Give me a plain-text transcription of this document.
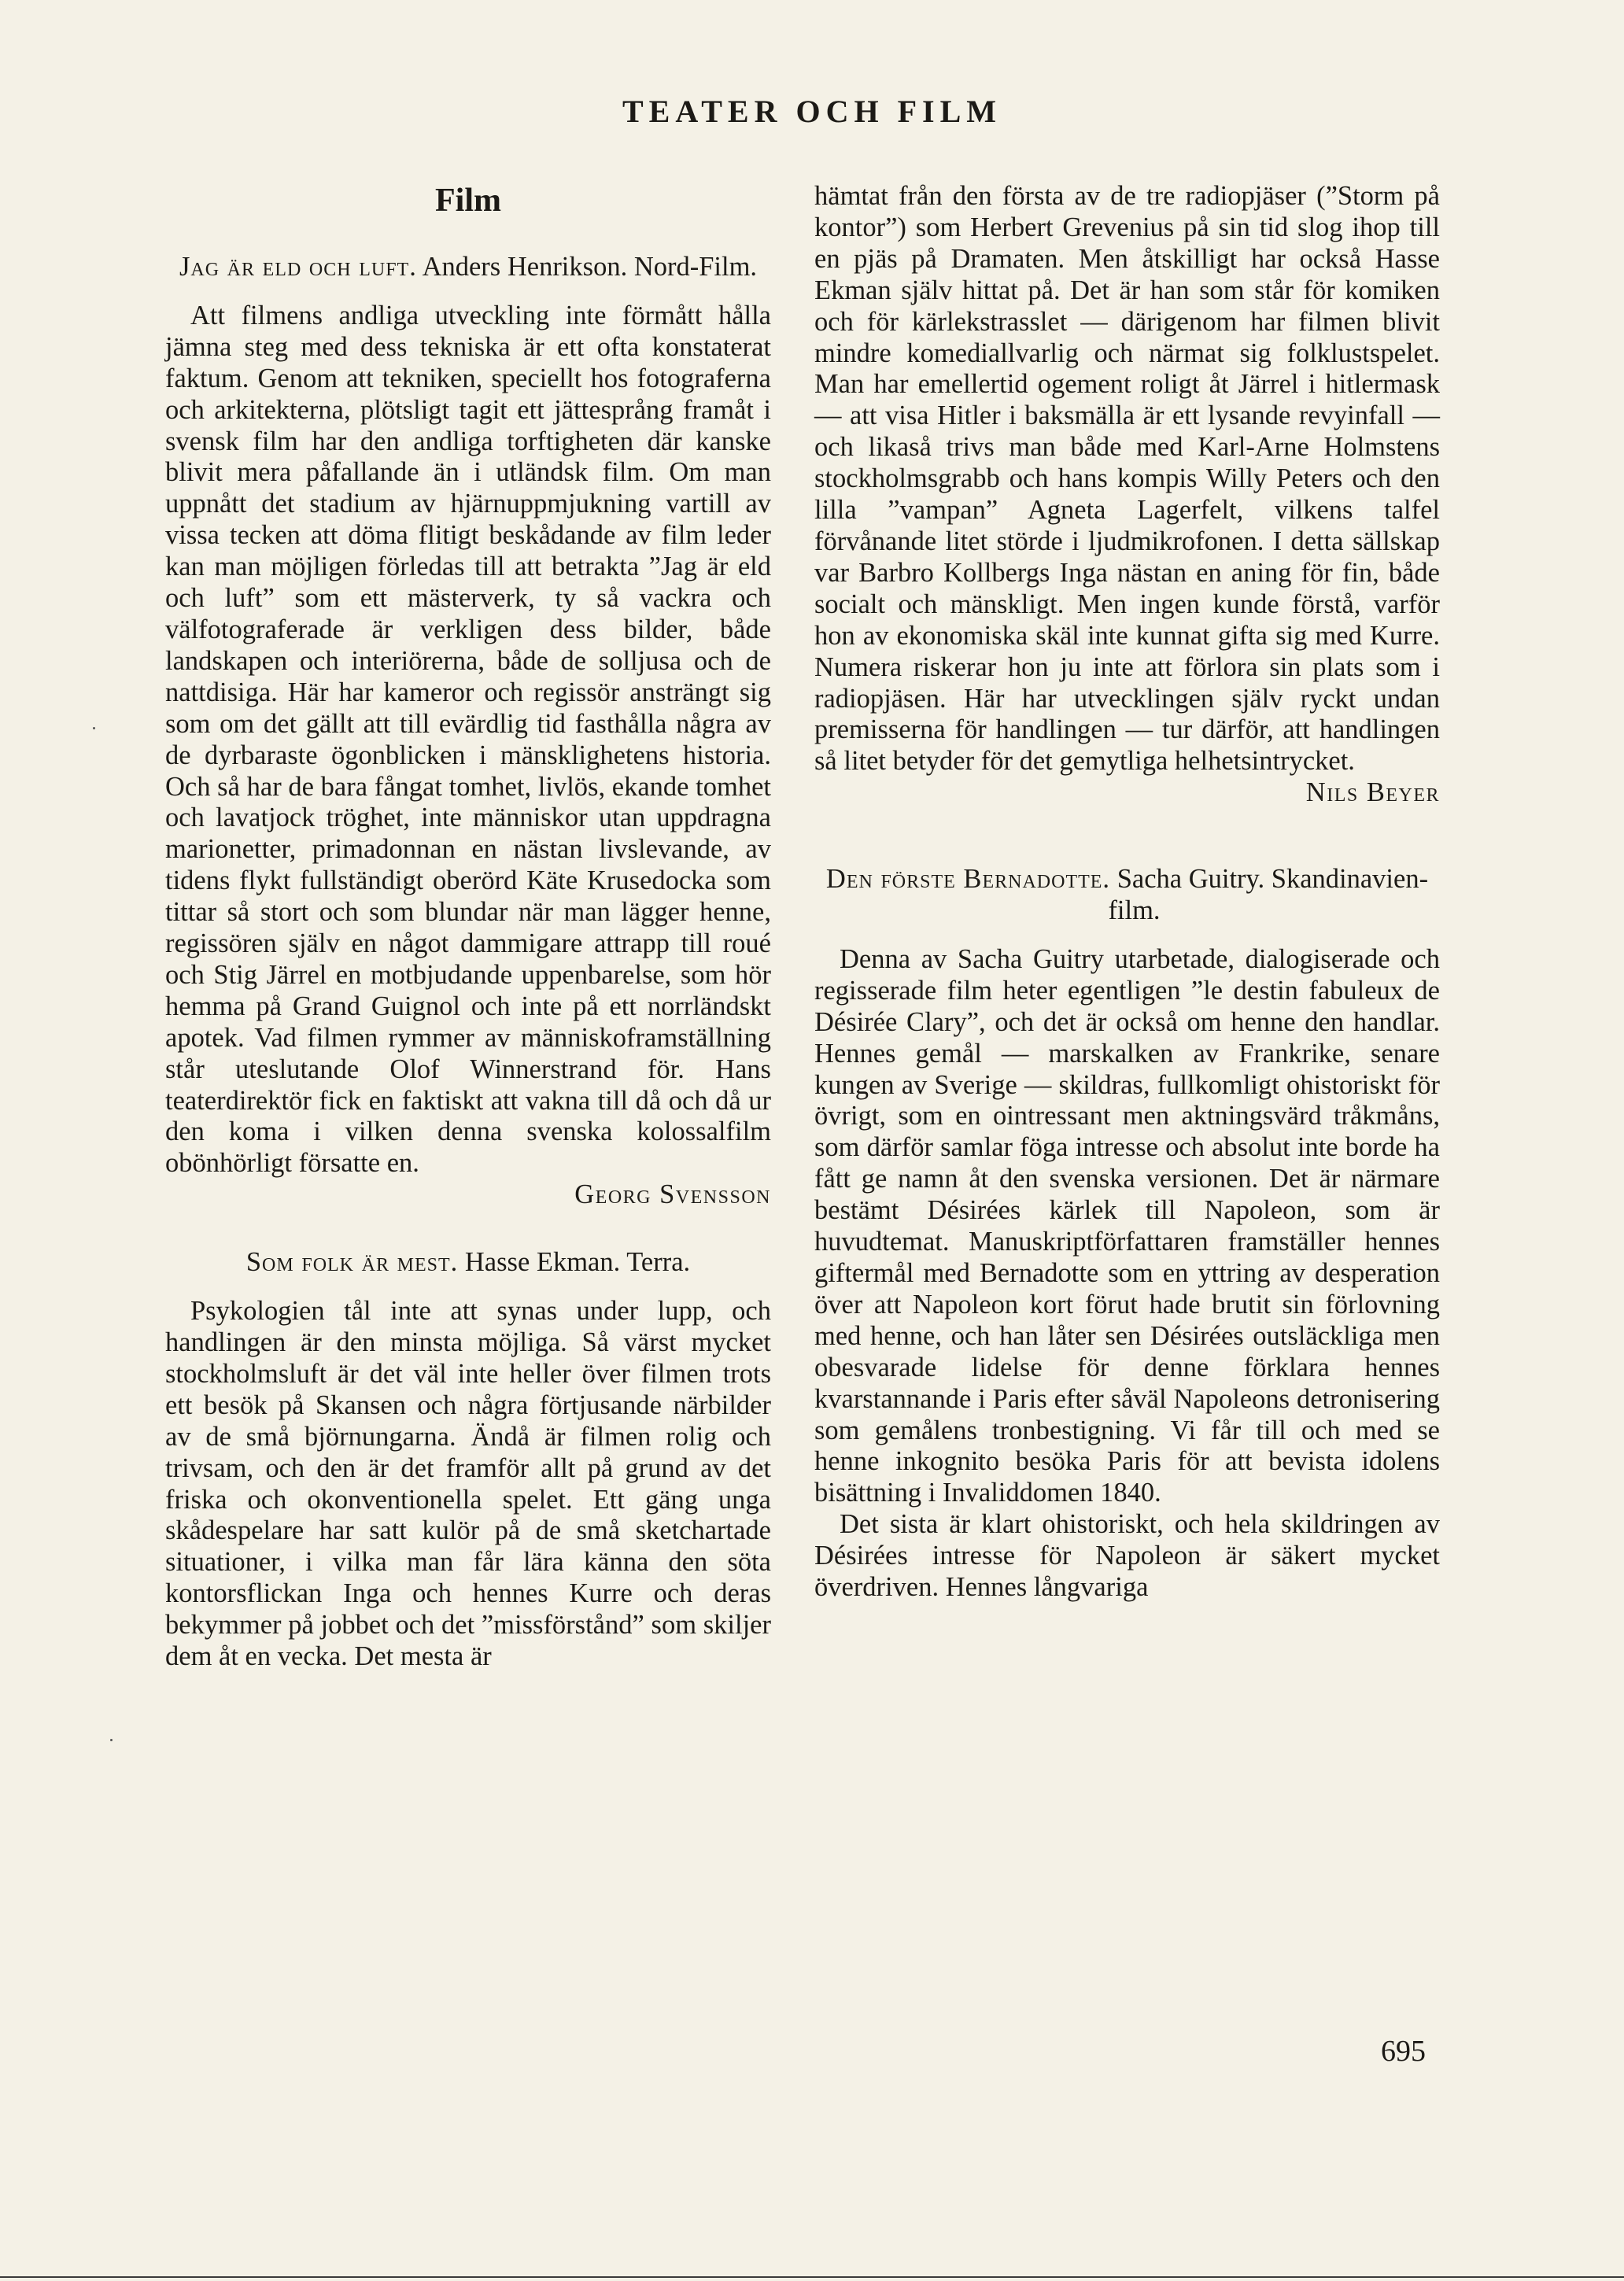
TEATER OCH FILM
Film

Jag är eld och luft. Anders Henrikson. Nord-Film.

Att filmens andliga utveckling inte förmått hålla jämna steg med dess tekniska är ett ofta konstaterat faktum. Genom att tekniken, speciellt hos fotograferna och arkitekterna, plötsligt tagit ett jättesprång framåt i svensk film har den andliga torftigheten där kanske blivit mera påfallande än i utländsk film. Om man uppnått det stadium av hjärnuppmjukning vartill av vissa tecken att döma flitigt beskådande av film leder kan man möjligen förledas till att betrakta ”Jag är eld och luft” som ett mästerverk, ty så vackra och välfotograferade är verkligen dess bilder, både landskapen och interiörerna, både de solljusa och de nattdisiga. Här har kameror och regissör ansträngt sig som om det gällt att till evärdlig tid fasthålla några av de dyrbaraste ögonblicken i mänsklighetens historia. Och så har de bara fångat tomhet, livlös, ekande tomhet och lavatjock tröghet, inte människor utan uppdragna marionetter, primadonnan en nästan livslevande, av tidens flykt fullständigt oberörd Käte Krusedocka som tittar så stort och som blundar när man lägger henne, regissören själv en något dammigare attrapp till roué och Stig Järrel en motbjudande uppenbarelse, som hör hemma på Grand Guignol och inte på ett norrländskt apotek. Vad filmen rymmer av människoframställning står uteslutande Olof Winnerstrand för. Hans teaterdirektör fick en faktiskt att vakna till då och då ur den koma i vilken denna svenska kolossalfilm obönhörligt försatte en.

Georg Svensson

Som folk är mest. Hasse Ekman. Terra.

Psykologien tål inte att synas under lupp, och handlingen är den minsta möjliga. Så värst mycket stockholmsluft är det väl inte heller över filmen trots ett besök på Skansen och några förtjusande närbilder av de små björnungarna. Ändå är filmen rolig och trivsam, och den är det framför allt på grund av det friska och okonventionella spelet. Ett gäng unga skådespelare har satt kulör på de små sketchartade situationer, i vilka man får lära känna den söta kontorsflickan Inga och hennes Kurre och deras bekymmer på jobbet och det ”missförstånd” som skiljer dem åt en vecka. Det mesta är

hämtat från den första av de tre radiopjäser (”Storm på kontor”) som Herbert Grevenius på sin tid slog ihop till en pjäs på Dramaten. Men åtskilligt har också Hasse Ekman själv hittat på. Det är han som står för komiken och för kärlekstrasslet — därigenom har filmen blivit mindre komediallvarlig och närmat sig folklustspelet. Man har emellertid ogement roligt åt Järrel i hitlermask — att visa Hitler i baksmälla är ett lysande revyinfall — och likaså trivs man både med Karl-Arne Holmstens stockholmsgrabb och hans kompis Willy Peters och den lilla ”vampan” Agneta Lagerfelt, vilkens talfel förvånande litet störde i ljudmikrofonen. I detta sällskap var Barbro Kollbergs Inga nästan en aning för fin, både socialt och mänskligt. Men ingen kunde förstå, varför hon av ekonomiska skäl inte kunnat gifta sig med Kurre. Numera riskerar hon ju inte att förlora sin plats som i radiopjäsen. Här har utvecklingen själv ryckt undan premisserna för handlingen — tur därför, att handlingen så litet betyder för det gemytliga helhetsintrycket.

Nils Beyer

Den förste Bernadotte. Sacha Guitry. Skandinavien-film.

Denna av Sacha Guitry utarbetade, dialogiserade och regisserade film heter egentligen ”le destin fabuleux de Désirée Clary”, och det är också om henne den handlar. Hennes gemål — marskalken av Frankrike, senare kungen av Sverige — skildras, fullkomligt ohistoriskt för övrigt, som en ointressant men aktningsvärd tråkmåns, som därför samlar föga intresse och absolut inte borde ha fått ge namn åt den svenska versionen. Det är närmare bestämt Désirées kärlek till Napoleon, som är huvudtemat. Manuskriptförfattaren framställer hennes giftermål med Bernadotte som en yttring av desperation över att Napoleon kort förut hade brutit sin förlovning med henne, och han låter sen Désirées outsläckliga men obesvarade lidelse för denne förklara hennes kvarstannande i Paris efter såväl Napoleons detronisering som gemålens tronbestigning. Vi får till och med se henne inkognito besöka Paris för att bevista idolens bisättning i Invaliddomen 1840.

Det sista är klart ohistoriskt, och hela skildringen av Désirées intresse för Napoleon är säkert mycket överdriven. Hennes långvariga

695
